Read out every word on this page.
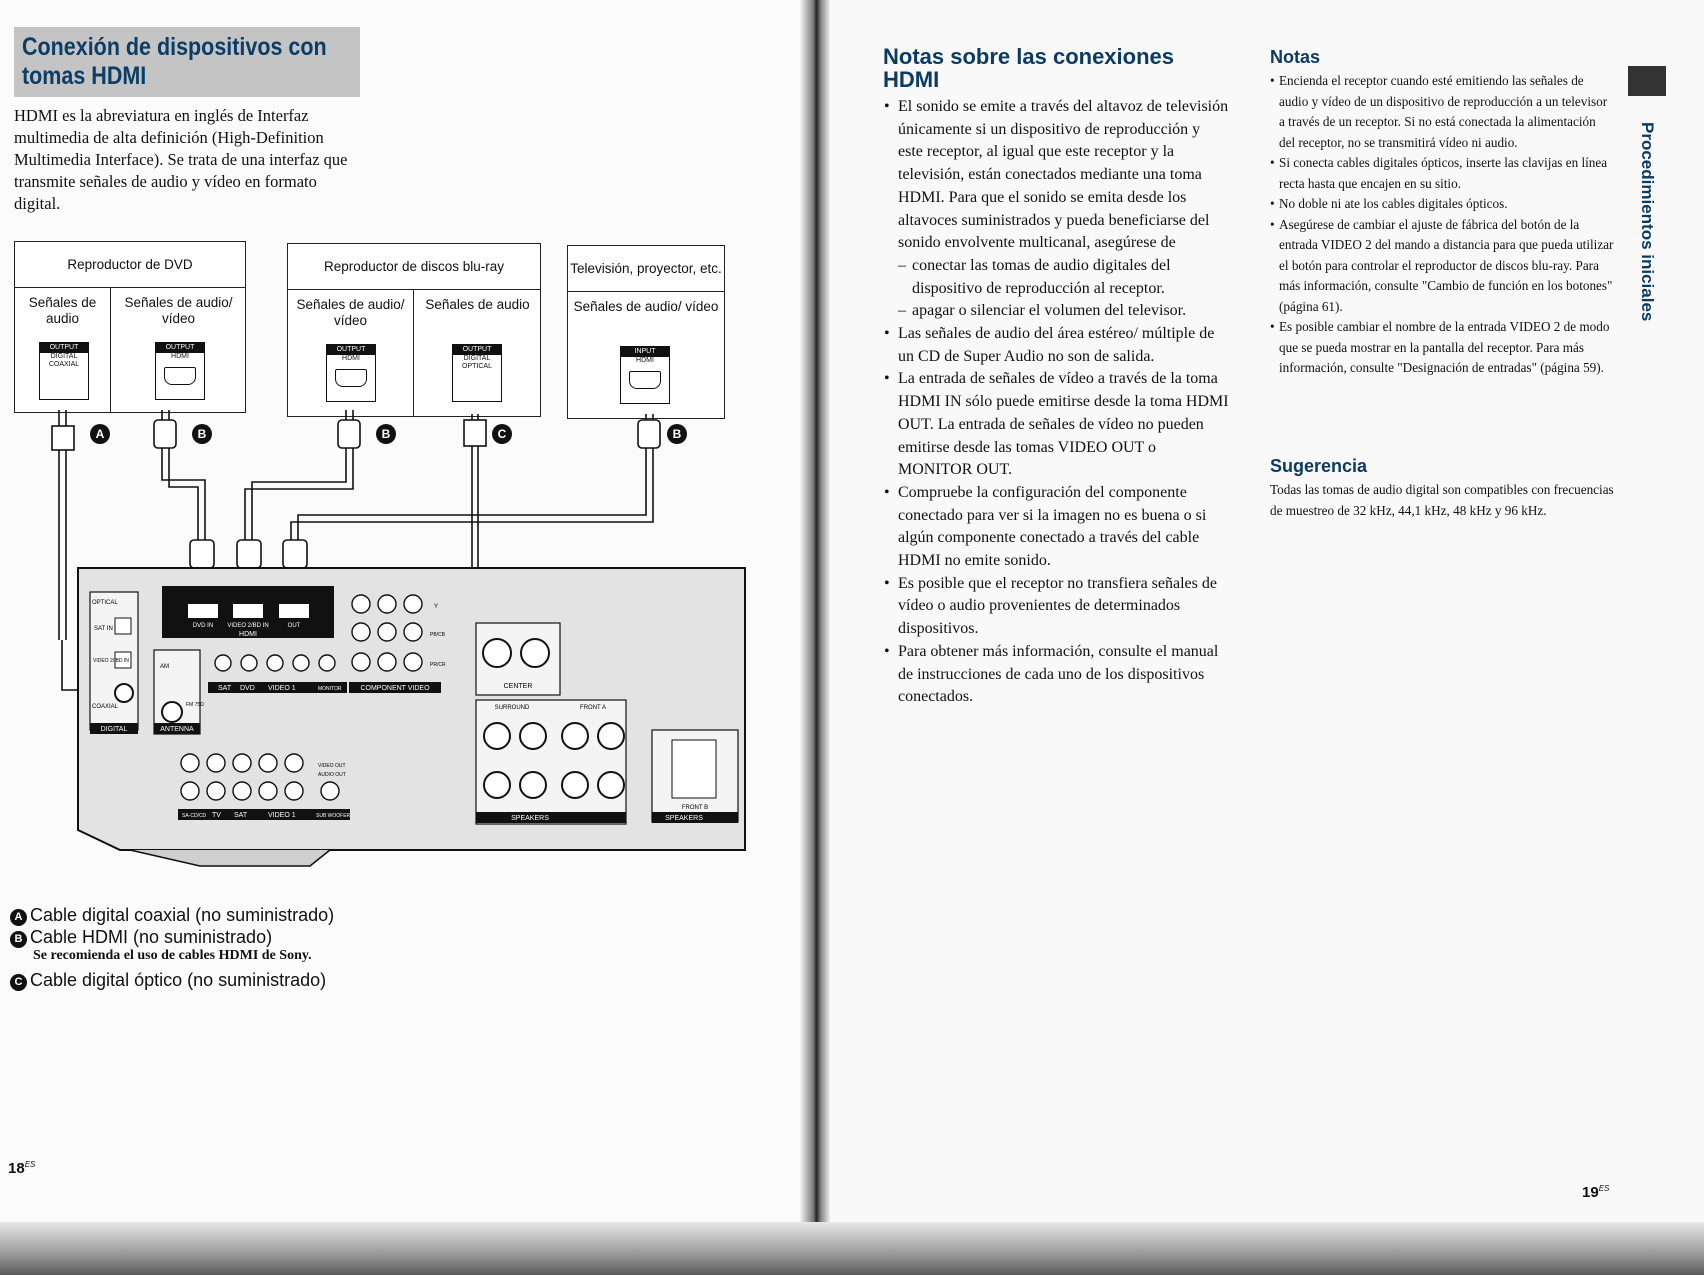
Conexión de dispositivos con
tomas HDMI
HDMI es la abreviatura en inglés de Interfaz multimedia de alta definición (High-Definition Multimedia Interface). Se trata de una interfaz que transmite señales de audio y vídeo en formato digital.
Reproductor de DVD
Señales de audio
Señales de audio/ vídeo
OUTPUT
DIGITAL COAXIAL
OUTPUT
HDMI
Reproductor de discos blu-ray
Señales de audio/ vídeo
Señales de audio
OUTPUT
HDMI
OUTPUT
DIGITAL OPTICAL
Televisión, proyector, etc.
Señales de audio/ vídeo
INPUT
HDMI
A	B	B	C	B
DVD IN VIDEO 2/BD IN	OUT
HDMI
OPTICAL
SAT IN
VIDEO 2/ BD IN
COAXIAL
DIGITAL
FM 75Ω
AM
ANTENNA
Y
PB/CB
PR/CR
SAT DVD VIDEO 1	MONITOR	COMPONENT VIDEO
VIDEO OUT
AUDIO OUT
SA-CD/CD TV SAT	VIDEO 1	SUB WOOFER
CENTER
SURROUND	FRONT A
SPEAKERS
FRONT B
SPEAKERS
A Cable digital coaxial (no suministrado)
B Cable HDMI (no suministrado)
Se recomienda el uso de cables HDMI de Sony.
C Cable digital óptico (no suministrado)
$18^{ES}$
Notas sobre las conexiones
HDMI
• El sonido se emite a través del altavoz de televisión únicamente si un dispositivo de reproducción y este receptor, al igual que este receptor y la televisión, están conectados mediante una toma HDMI. Para que el sonido se emita desde los altavoces suministrados y pueda beneficiarse del sonido envolvente multicanal, asegúrese de
– conectar las tomas de audio digitales del dispositivo de reproducción al receptor.
– apagar o silenciar el volumen del televisor.
• Las señales de audio del área estéreo/ múltiple de un CD de Super Audio no son de salida.
• La entrada de señales de vídeo a través de la toma HDMI IN sólo puede emitirse desde la toma HDMI OUT. La entrada de señales de vídeo no pueden emitirse desde las tomas VIDEO OUT o MONITOR OUT.
• Compruebe la configuración del componente conectado para ver si la imagen no es buena o si algún componente conectado a través del cable HDMI no emite sonido.
• Es posible que el receptor no transfiera señales de vídeo o audio provenientes de determinados dispositivos.
• Para obtener más información, consulte el manual de instrucciones de cada uno de los dispositivos conectados.
Notas
• Encienda el receptor cuando esté emitiendo las señales de audio y vídeo de un dispositivo de reproducción a un televisor a través de un receptor. Si no está conectada la alimentación del receptor, no se transmitirá vídeo ni audio.
• Si conecta cables digitales ópticos, inserte las clavijas en línea recta hasta que encajen en su sitio.
• No doble ni ate los cables digitales ópticos.
• Asegúrese de cambiar el ajuste de fábrica del botón de la entrada VIDEO 2 del mando a distancia para que pueda utilizar el botón para controlar el reproductor de discos blu-ray. Para más información, consulte "Cambio de función en los botones" (página 61).
• Es posible cambiar el nombre de la entrada VIDEO 2 de modo que se pueda mostrar en la pantalla del receptor. Para más información, consulte "Designación de entradas" (página 59).
Sugerencia
Todas las tomas de audio digital son compatibles con frecuencias de muestreo de 32 kHz, 44,1 kHz, 48 kHz y 96 kHz.
Procedimientos iniciales
$19^{ES}$
